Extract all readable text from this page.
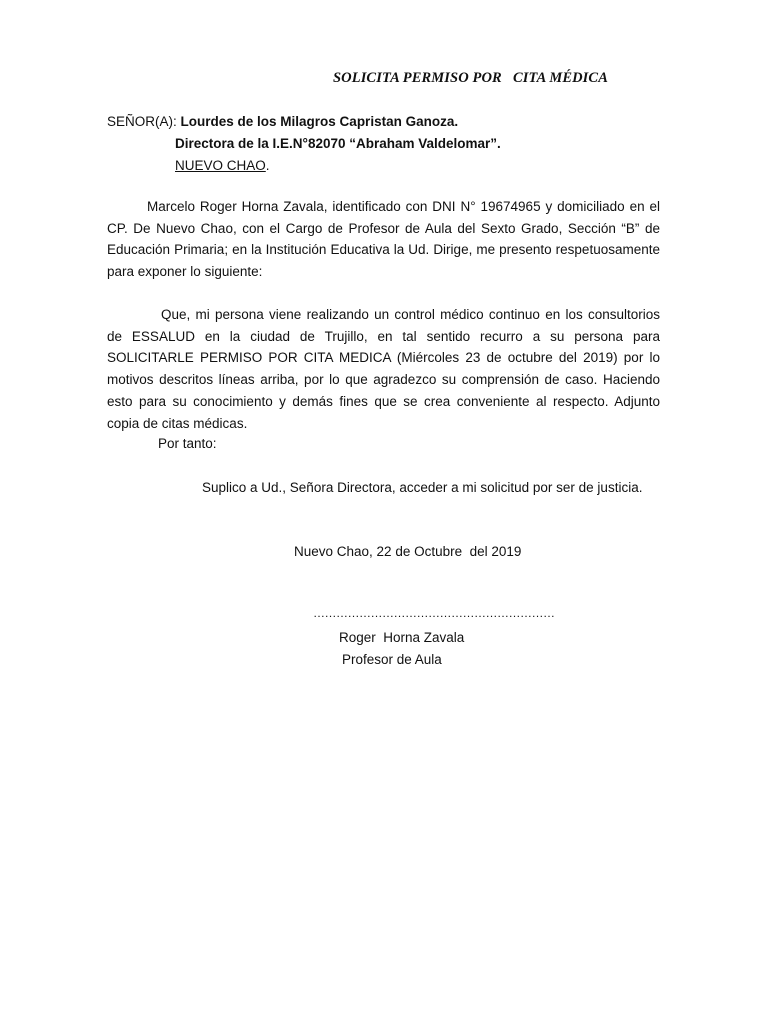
SOLICITA PERMISO POR   CITA MÉDICA
SEÑOR(A): Lourdes de los Milagros Capristan Ganoza.
Directora de la I.E.N°82070 “Abraham Valdelomar”.
NUEVO CHAO.
Marcelo Roger Horna Zavala, identificado con DNI N° 19674965 y domiciliado en el CP. De Nuevo Chao, con el Cargo de Profesor de Aula del Sexto Grado, Sección “B” de Educación Primaria; en la Institución Educativa la Ud. Dirige, me presento respetuosamente para exponer lo siguiente:
Que, mi persona viene realizando un control médico continuo en los consultorios de ESSALUD en la ciudad de Trujillo, en tal sentido recurro a su persona para SOLICITARLE PERMISO POR CITA MEDICA (Miércoles 23 de octubre del 2019) por lo motivos descritos líneas arriba, por lo que agradezco su comprensión de caso. Haciendo esto para su conocimiento y demás fines que se crea conveniente al respecto. Adjunto copia de citas médicas.
Por tanto:
Suplico a Ud., Señora Directora, acceder a mi solicitud por ser de justicia.
Nuevo Chao, 22 de Octubre  del 2019
………………………………………………………
Roger  Horna Zavala
Profesor de Aula
